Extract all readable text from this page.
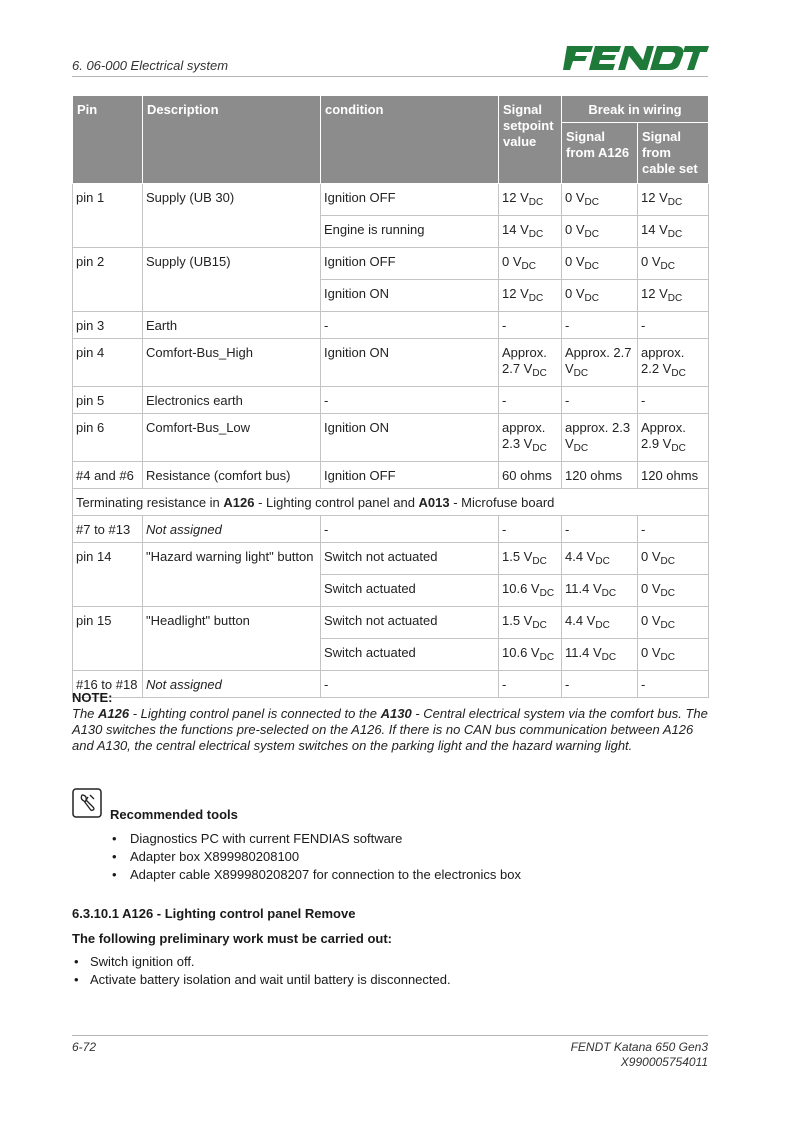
6. 06-000 Electrical system
Pin	Description	condition	Signal setpoint value	Break in wiring	
				Signal from A126	Signal from cable set
pin 1	Supply (UB 30)	Ignition OFF	12 $V_{DC}$	0 $V_{DC}$	12 $V_{DC}$
		Engine is running	14 $V_{DC}$	0 $V_{DC}$	14 $V_{DC}$
pin 2	Supply (UB15)	Ignition OFF	0 $V_{DC}$	0 $V_{DC}$	0 $V_{DC}$
		Ignition ON	12 $V_{DC}$	0 $V_{DC}$	12 $V_{DC}$
pin 3	Earth	-	-	-	-
pin 4	Comfort-Bus_High	Ignition ON	Approx. 2.7 $V_{DC}$	Approx. 2.7 $V_{DC}$	approx. 2.2 $V_{DC}$
pin 5	Electronics earth	-	-	-	-
pin 6	Comfort-Bus_Low	Ignition ON	approx. 2.3 $V_{DC}$	approx. 2.3 $V_{DC}$	Approx. 2.9 $V_{DC}$
#4 and #6	Resistance (comfort bus)	Ignition OFF	60 ohms	120 ohms	120 ohms
Terminating resistance in A126 - Lighting control panel and A013 - Microfuse board					
#7 to #13	Not assigned	-	-	-	-
pin 14	"Hazard warning light" button	Switch not actuated	1.5 $V_{DC}$	4.4 $V_{DC}$	0 $V_{DC}$
		Switch actuated	10.6 $V_{DC}$	11.4 $V_{DC}$	0 $V_{DC}$
pin 15	"Headlight" button	Switch not actuated	1.5 $V_{DC}$	4.4 $V_{DC}$	0 $V_{DC}$
		Switch actuated	10.6 $V_{DC}$	11.4 $V_{DC}$	0 $V_{DC}$
#16 to #18	Not assigned	-	-	-	-
NOTE:
The A126 - Lighting control panel is connected to the A130 - Central electrical system via the comfort bus. The A130 switches the functions pre-selected on the A126. If there is no CAN bus communication between A126 and A130, the central electrical system switches on the parking light and the hazard warning light.
Recommended tools
• Diagnostics PC with current FENDIAS software
• Adapter box X899980208100
• Adapter cable X899980208207 for connection to the electronics box
6.3.10.1 A126 - Lighting control panel Remove
The following preliminary work must be carried out:
• Switch ignition off.
• Activate battery isolation and wait until battery is disconnected.
6-72	FENDT Katana 650 Gen3
X990005754011
